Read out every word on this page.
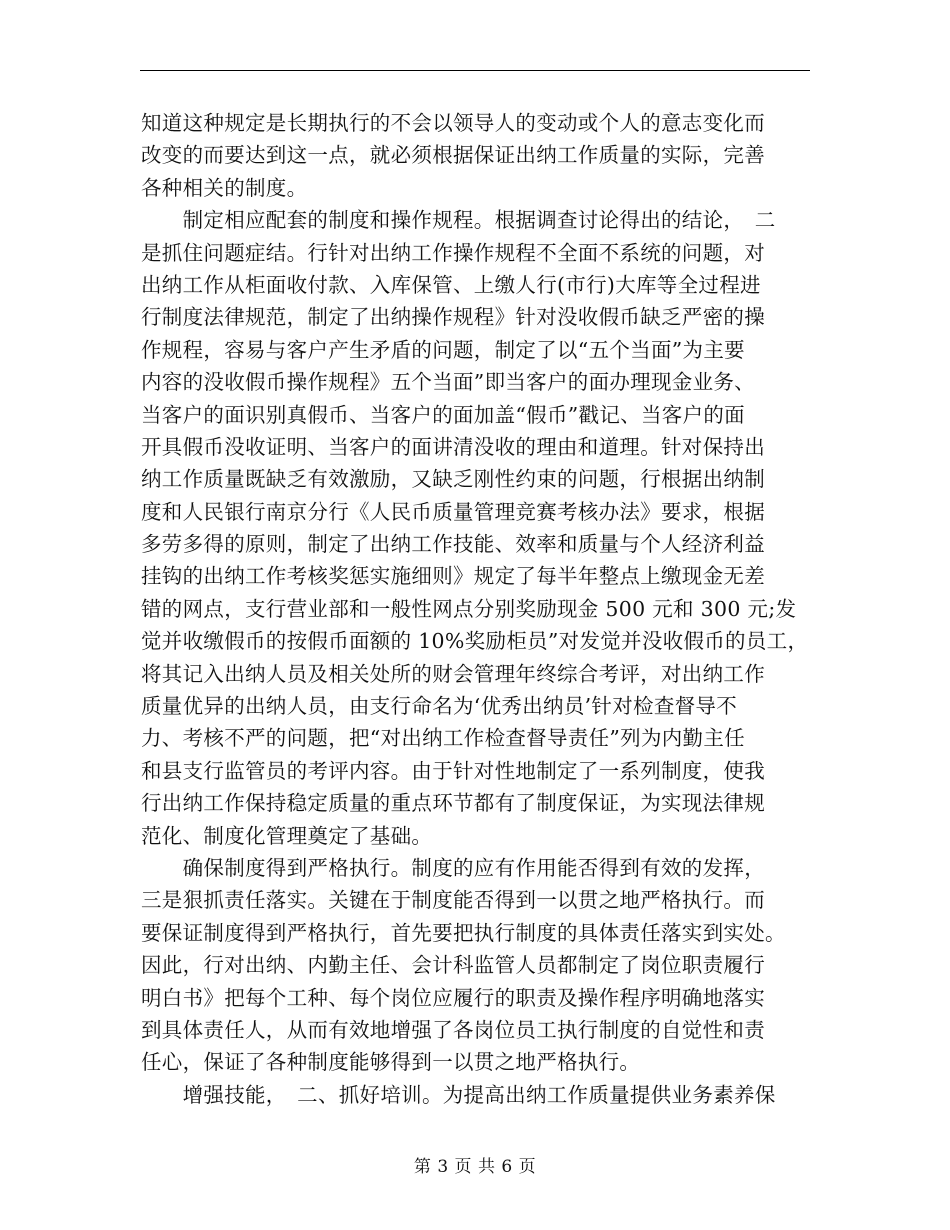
知道这种规定是长期执行的不会以领导人的变动或个人的意志变化而
改变的而要达到这一点，就必须根据保证出纳工作质量的实际，完善
各种相关的制度。
　　制定相应配套的制度和操作规程。根据调查讨论得出的结论，　二
是抓住问题症结。行针对出纳工作操作规程不全面不系统的问题，对
出纳工作从柜面收付款、入库保管、上缴人行(市行)大库等全过程进
行制度法律规范，制定了出纳操作规程》针对没收假币缺乏严密的操
作规程，容易与客户产生矛盾的问题，制定了以“五个当面”为主要
内容的没收假币操作规程》五个当面”即当客户的面办理现金业务、
当客户的面识别真假币、当客户的面加盖“假币”戳记、当客户的面
开具假币没收证明、当客户的面讲清没收的理由和道理。针对保持出
纳工作质量既缺乏有效激励，又缺乏刚性约束的问题，行根据出纳制
度和人民银行南京分行《人民币质量管理竞赛考核办法》要求，根据
多劳多得的原则，制定了出纳工作技能、效率和质量与个人经济利益
挂钩的出纳工作考核奖惩实施细则》规定了每半年整点上缴现金无差
错的网点，支行营业部和一般性网点分别奖励现金 500 元和 300 元;发
觉并收缴假币的按假币面额的 10%奖励柜员”对发觉并没收假币的员工，
将其记入出纳人员及相关处所的财会管理年终综合考评，对出纳工作
质量优异的出纳人员，由支行命名为‘优秀出纳员’针对检查督导不
力、考核不严的问题，把“对出纳工作检查督导责任”列为内勤主任
和县支行监管员的考评内容。由于针对性地制定了一系列制度，使我
行出纳工作保持稳定质量的重点环节都有了制度保证，为实现法律规
范化、制度化管理奠定了基础。
　　确保制度得到严格执行。制度的应有作用能否得到有效的发挥，
三是狠抓责任落实。关键在于制度能否得到一以贯之地严格执行。而
要保证制度得到严格执行，首先要把执行制度的具体责任落实到实处。
因此，行对出纳、内勤主任、会计科监管人员都制定了岗位职责履行
明白书》把每个工种、每个岗位应履行的职责及操作程序明确地落实
到具体责任人，从而有效地增强了各岗位员工执行制度的自觉性和责
任心，保证了各种制度能够得到一以贯之地严格执行。
　　增强技能，　二、抓好培训。为提高出纳工作质量提供业务素养保
第 3 页 共 6 页
